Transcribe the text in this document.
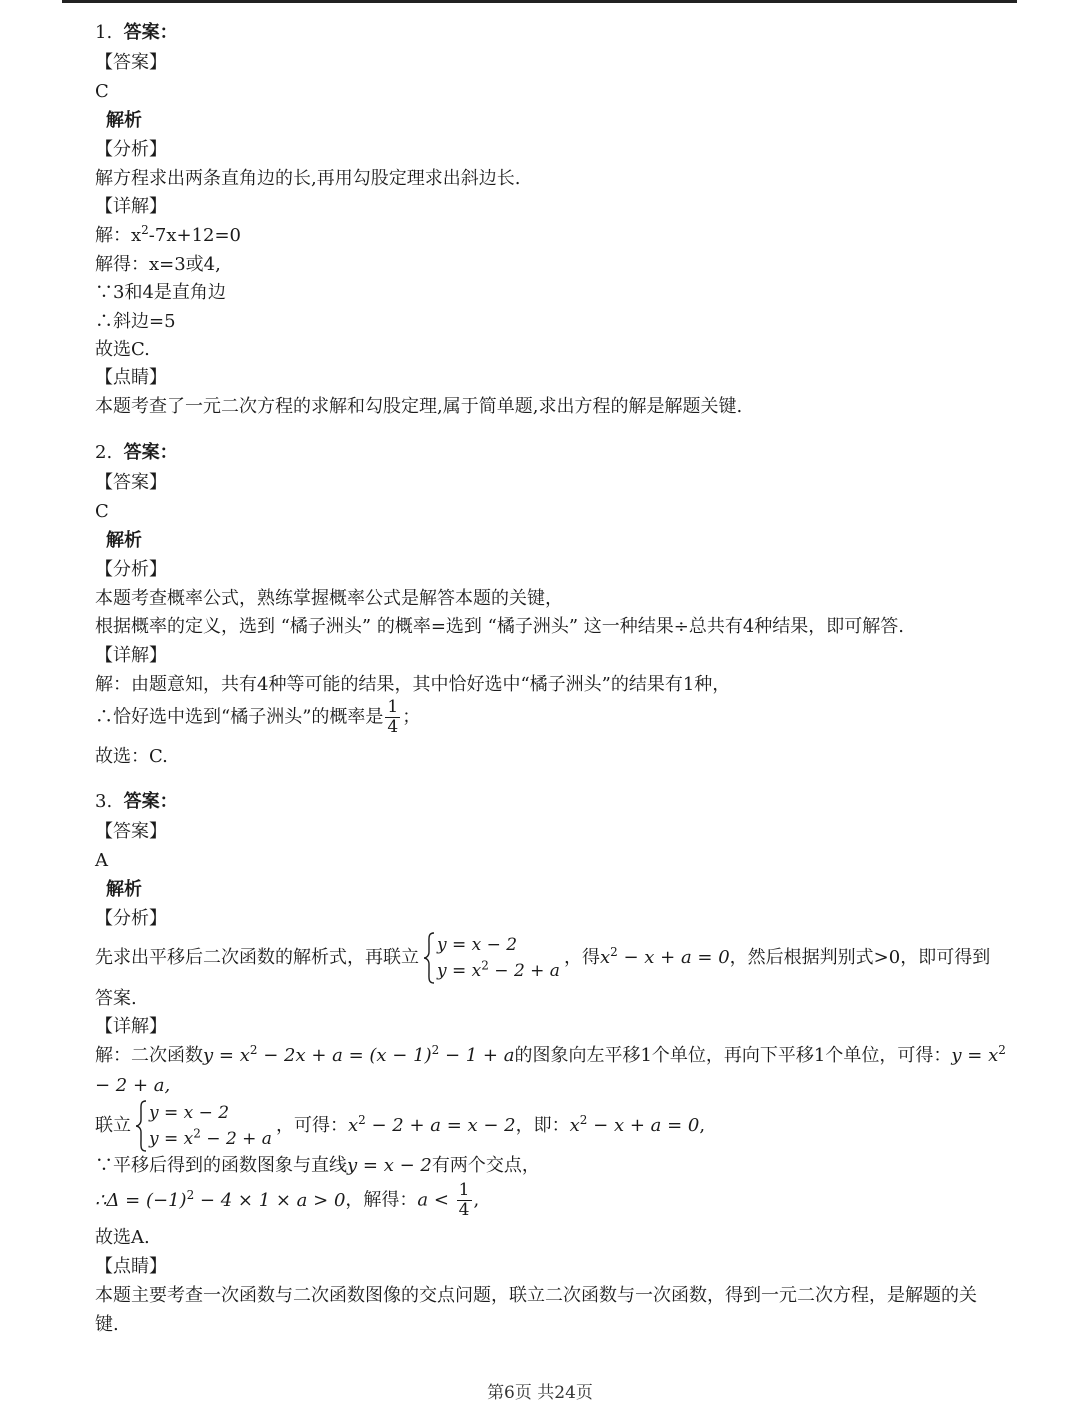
1. 答案：
【答案】
C
解析
【分析】
解方程求出两条直角边的长,再用勾股定理求出斜边长.
【详解】
解：$x^2-7x+12=0$
解得：x=3或4,
∵3和4是直角边
∴斜边=5
故选C.
【点睛】
本题考查了一元二次方程的求解和勾股定理,属于简单题,求出方程的解是解题关键.
2. 答案：
【答案】
C
解析
【分析】
本题考查概率公式，熟练掌握概率公式是解答本题的关键，
根据概率的定义，选到 “橘子洲头” 的概率=选到 “橘子洲头” 这一种结果÷总共有4种结果，即可解答.
【详解】
解：由题意知，共有4种等可能的结果，其中恰好选中“橘子洲头”的结果有1种，
∴恰好选中选到“橘子洲头”的概率是 $\frac{1}{4}$ ；
故选：C.
3. 答案：
【答案】
A
解析
【分析】
先求出平移后二次函数的解析式，再联立
y = x − 2
$y = x^2 - 2 + a$
，得$x^2 - x + a = 0$，然后根据判别式>0，即可得到
答案.
【详解】
解：二次函数$y = x^2 - 2x + a = (x - 1)^2 - 1 + a$的图象向左平移1个单位，再向下平移1个单位，可得：$y = x^2$
− 2 + a,
联立
y = x − 2
$y = x^2 - 2 + a$
，可得：$x^2 - 2 + a = x - 2$，即：$x^2 - x + a = 0$,
∵平移后得到的函数图象与直线y = x − 2有两个交点，
∴Δ = $(-1)^2 - 4 \times 1 \times a > 0$，解得：$a < \frac{1}{4}$ ,
故选A.
【点睛】
本题主要考查一次函数与二次函数图像的交点问题，联立二次函数与一次函数，得到一元二次方程，是解题的关
键.
第6页 共24页
